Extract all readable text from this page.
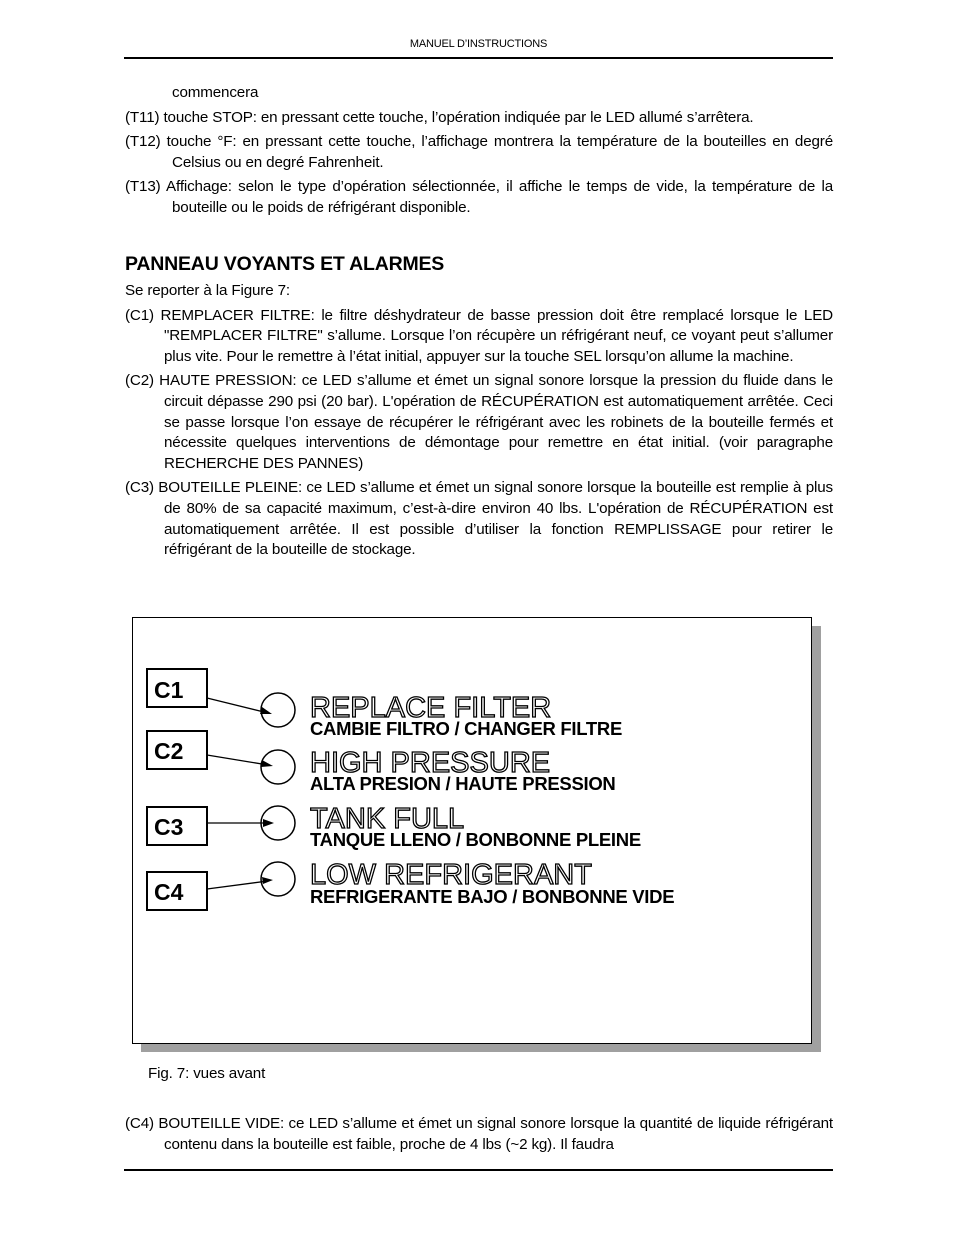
MANUEL D’INSTRUCTIONS

commencera

(T11) touche STOP: en pressant cette touche, l’opération indiquée par le LED allumé s’arrêtera.

(T12) touche °F: en pressant cette touche, l’affichage montrera la température de la bouteilles en degré Celsius ou en degré Fahrenheit.

(T13) Affichage: selon le type d’opération sélectionnée, il affiche le temps de vide, la température de la bouteille ou le poids de réfrigérant disponible.

PANNEAU VOYANTS ET ALARMES

Se reporter à la Figure 7:

(C1) REMPLACER FILTRE: le filtre déshydrateur de basse pression doit être remplacé lorsque le LED "REMPLACER FILTRE" s’allume. Lorsque l’on récupère un réfrigérant neuf, ce voyant peut s’allumer plus vite. Pour le remettre à l’état initial, appuyer sur la touche SEL lorsqu’on allume la machine.

(C2) HAUTE PRESSION: ce LED s’allume et émet un signal sonore lorsque la pression du fluide dans le circuit dépasse 290 psi (20 bar). L'opération de RÉCUPÉRATION est automatiquement arrêtée. Ceci se passe lorsque l’on essaye de récupérer le réfrigérant avec les robinets de la bouteille fermés et nécessite quelques interventions de démontage pour remettre en état initial. (voir paragraphe RECHERCHE DES PANNES)

(C3) BOUTEILLE PLEINE: ce LED s’allume et émet un signal sonore lorsque la bouteille est remplie à plus de 80% de sa capacité maximum, c’est-à-dire environ 40 lbs. L'opération de RÉCUPÉRATION est automatiquement arrêtée. Il est possible d’utiliser la fonction REMPLISSAGE pour retirer le réfrigérant de la bouteille de stockage.

C1
REPLACE FILTER
CAMBIE FILTRO / CHANGER FILTRE
C2	HIGH PRESSURE
ALTA PRESION / HAUTE PRESSION
C3	TANK FULL
TANQUE LLENO / BONBONNE PLEINE
C4
LOW REFRIGERANT
REFRIGERANTE BAJO / BONBONNE VIDE
Fig. 7: vues avant

(C4) BOUTEILLE VIDE: ce LED s’allume et émet un signal sonore lorsque la quantité de liquide réfrigérant contenu dans la bouteille est faible, proche de 4 lbs (~2 kg). Il faudra
